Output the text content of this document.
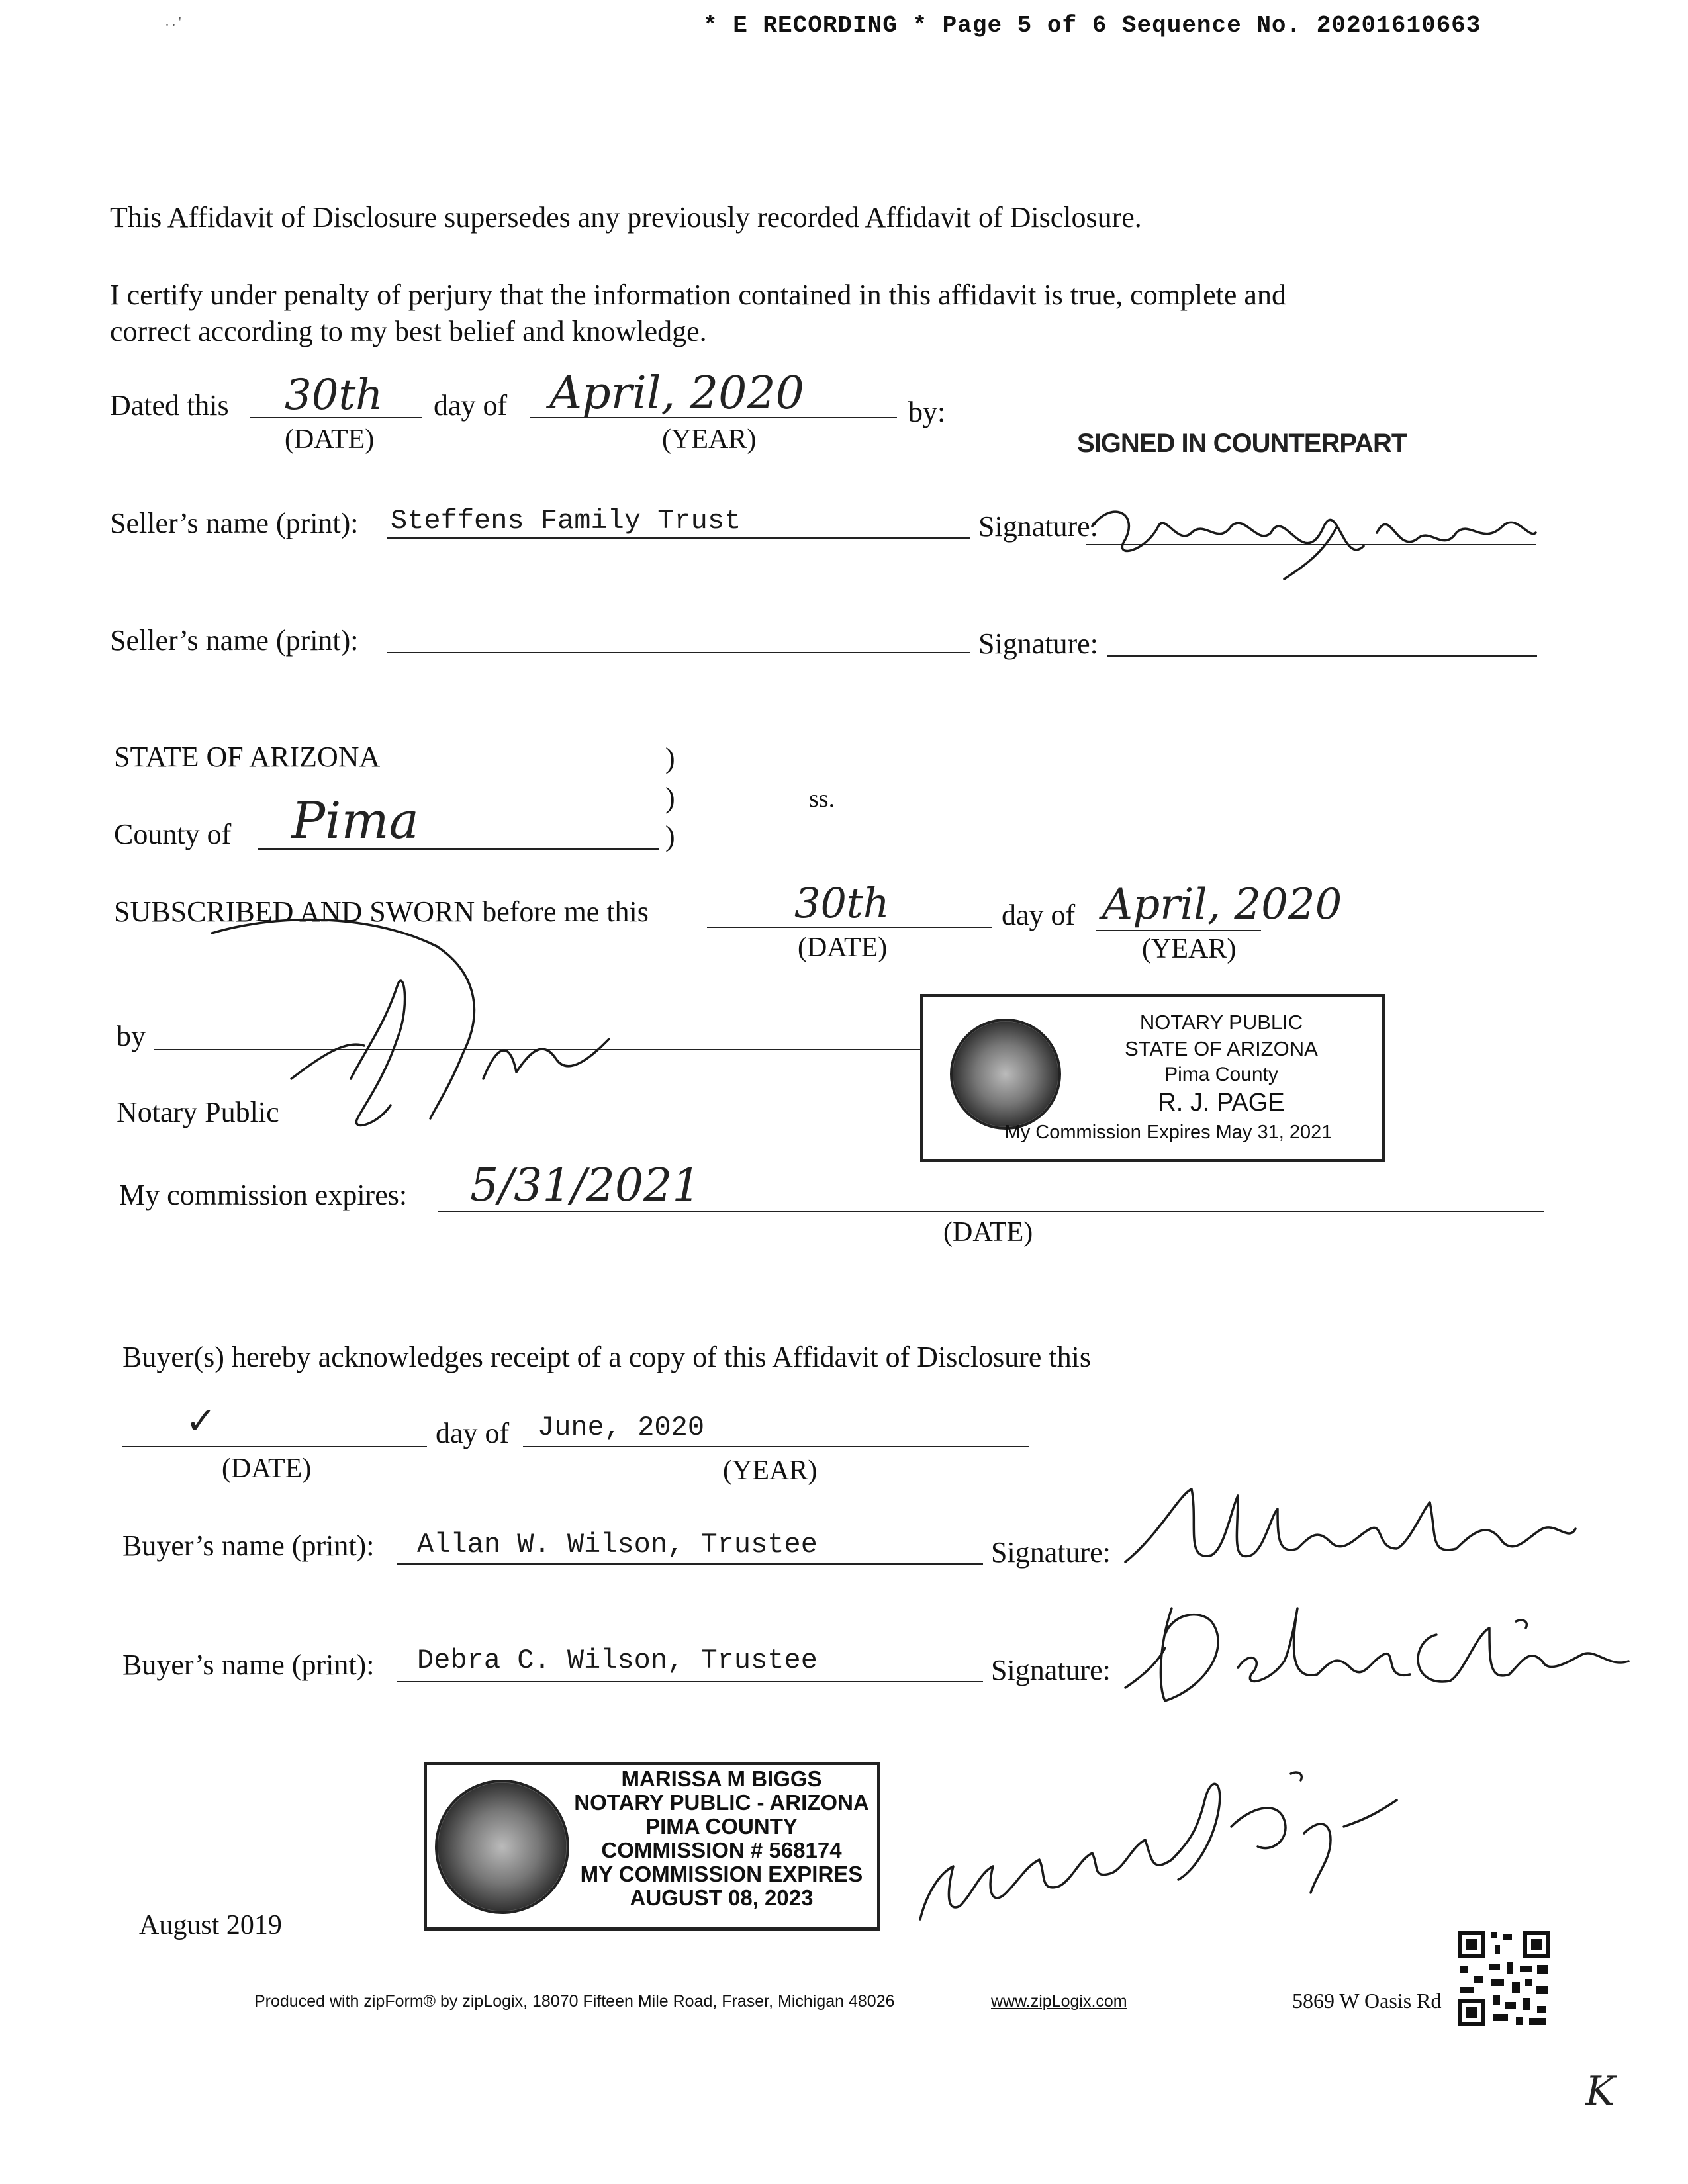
* E RECORDING * Page 5 of 6 Sequence No. 20201610663
. . '
This Affidavit of Disclosure supersedes any previously recorded Affidavit of Disclosure.
I certify under penalty of perjury that the information contained in this affidavit is true, complete and
correct according to my best belief and knowledge.
Dated this 30th day of April, 2020	by:
(DATE)	(YEAR)	SIGNED IN COUNTERPART
Seller’s name (print): Steffens Family Trust	Signature:
Seller’s name (print):	Signature:
STATE OF ARIZONA	)
)
)
ss.
County of Pima
SUBSCRIBED AND SWORN before me this	30th	day of April, 2020
(DATE)	(YEAR)
by
Notary Public
NOTARY PUBLIC
STATE OF ARIZONA
Pima County
R. J. PAGE
My Commission Expires May 31, 2021
My commission expires: 5/31/2021
(DATE)
Buyer(s) hereby acknowledges receipt of a copy of this Affidavit of Disclosure this
✓	day of June, 2020
(DATE)	(YEAR)
Buyer’s name (print): Allan W. Wilson, Trustee	Signature:
Buyer’s name (print): Debra C. Wilson, Trustee	Signature:
MARISSA M BIGGS
NOTARY PUBLIC - ARIZONA
PIMA COUNTY
COMMISSION # 568174
MY COMMISSION EXPIRES
AUGUST 08, 2023
August 2019
Produced with zipForm® by zipLogix, 18070 Fifteen Mile Road, Fraser, Michigan 48026	www.zipLogix.com	5869 W Oasis Rd
K
